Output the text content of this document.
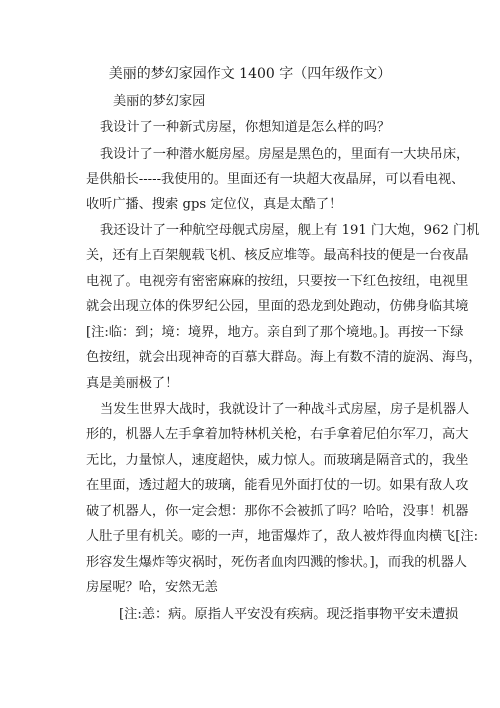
美丽的梦幻家园作文 1400 字（四年级作文）
美丽的梦幻家园
我设计了一种新式房屋，你想知道是怎么样的吗？
我设计了一种潜水艇房屋。房屋是黑色的，里面有一大块吊床，
是供船长-----我使用的。里面还有一块超大夜晶屏，可以看电视、
收听广播、搜索 gps 定位仪，真是太酷了！
我还设计了一种航空母舰式房屋，舰上有 191 门大炮，962 门机
关，还有上百架舰载飞机、核反应堆等。最高科技的便是一台夜晶
电视了。电视旁有密密麻麻的按纽，只要按一下红色按纽，电视里
就会出现立体的侏罗纪公园，里面的恐龙到处跑动，仿佛身临其境
[注:临：到；境：境界，地方。亲自到了那个境地。]。再按一下绿
色按纽，就会出现神奇的百慕大群岛。海上有数不清的旋涡、海鸟，
真是美丽极了！
当发生世界大战时，我就设计了一种战斗式房屋，房子是机器人
形的，机器人左手拿着加特林机关枪，右手拿着尼伯尔军刀，高大
无比，力量惊人，速度超快，威力惊人。而玻璃是隔音式的，我坐
在里面，透过超大的玻璃，能看见外面打仗的一切。如果有敌人攻
破了机器人，你一定会想：那你不会被抓了吗？哈哈，没事！机器
人肚子里有机关。嘭的一声，地雷爆炸了，敌人被炸得血肉横飞[注:
形容发生爆炸等灾祸时，死伤者血肉四溅的惨状。]，而我的机器人
房屋呢？哈，安然无恙
[注:恙：病。原指人平安没有疾病。现泛指事物平安未遭损
